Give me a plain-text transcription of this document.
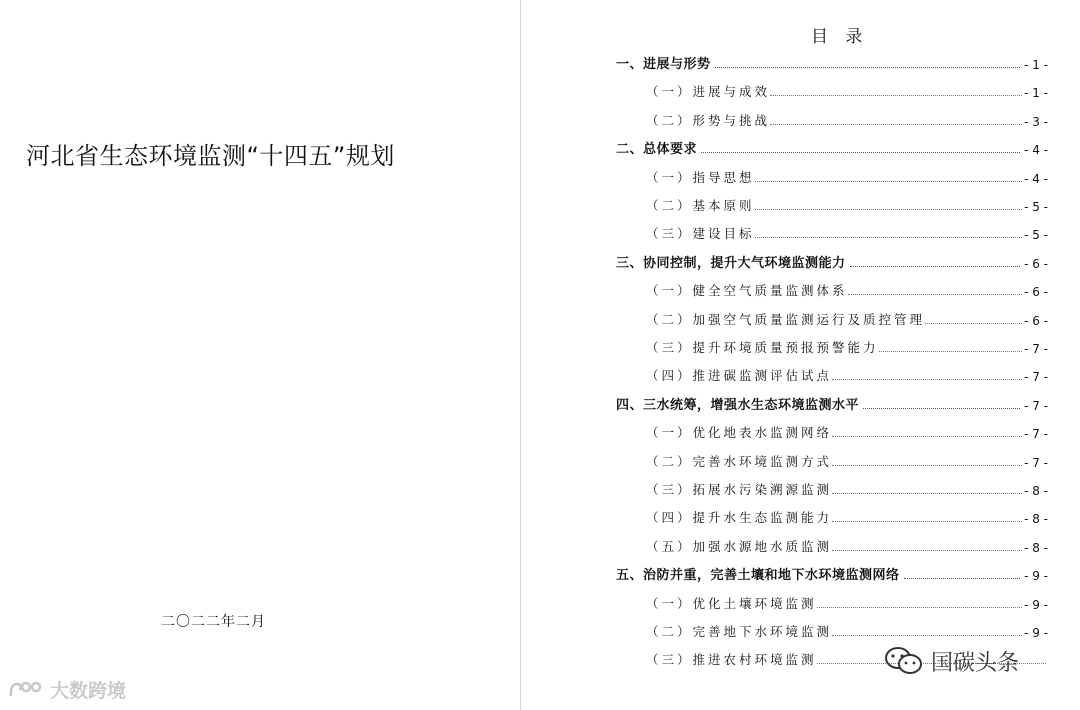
河北省生态环境监测“十四五”规划
二〇二二年二月
大数跨境
目 录
一、进展与形势	- 1 -
（一）进展与成效	- 1 -
（二）形势与挑战	- 3 -
二、总体要求	- 4 -
（一）指导思想	- 4 -
（二）基本原则	- 5 -
（三）建设目标	- 5 -
三、协同控制，提升大气环境监测能力	- 6 -
（一）健全空气质量监测体系	- 6 -
（二）加强空气质量监测运行及质控管理	- 6 -
（三）提升环境质量预报预警能力	- 7 -
（四）推进碳监测评估试点	- 7 -
四、三水统筹，增强水生态环境监测水平	- 7 -
（一）优化地表水监测网络	- 7 -
（二）完善水环境监测方式	- 7 -
（三）拓展水污染溯源监测	- 8 -
（四）提升水生态监测能力	- 8 -
（五）加强水源地水质监测	- 8 -
五、治防并重，完善土壤和地下水环境监测网络	- 9 -
（一）优化土壤环境监测	- 9 -
（二）完善地下水环境监测	- 9 -
（三）推进农村环境监测	国碳头条
